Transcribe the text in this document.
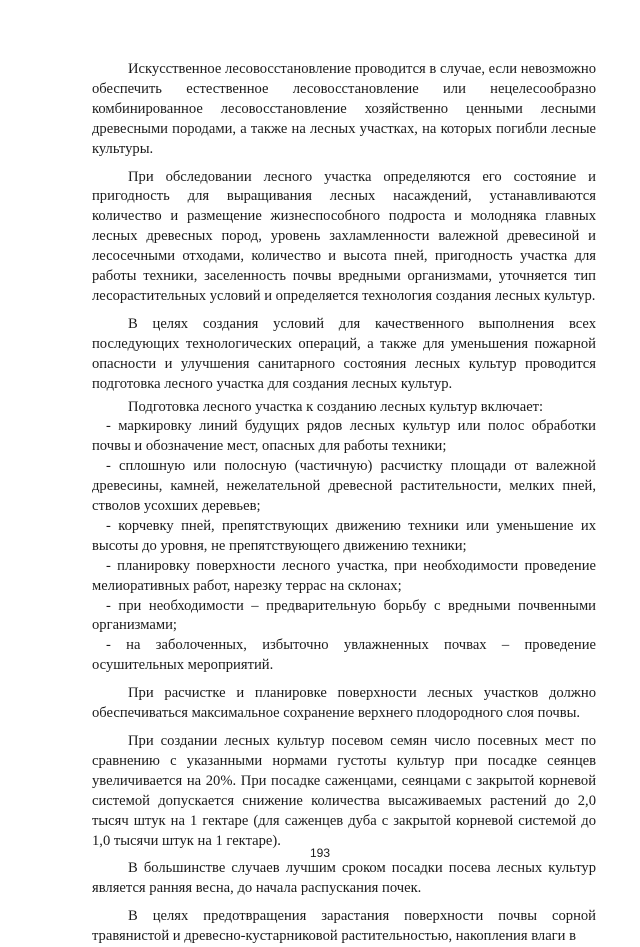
Искусственное лесовосстановление проводится в случае, если невозможно обеспечить естественное лесовосстановление или нецелесообразно комбинированное лесовосстановление хозяйственно ценными лесными древесными породами, а также на лесных участках, на которых погибли лесные культуры.

При обследовании лесного участка определяются его состояние и пригодность для выращивания лесных насаждений, устанавливаются количество и размещение жизнеспособного подроста и молодняка главных лесных древесных пород, уровень захламленности валежной древесиной и лесосечными отходами, количество и высота пней, пригодность участка для работы техники, заселенность почвы вредными организмами, уточняется тип лесорастительных условий и определяется технология создания лесных культур.

В целях создания условий для качественного выполнения всех последующих технологических операций, а также для уменьшения пожарной опасности и улучшения санитарного состояния лесных культур проводится подготовка лесного участка для создания лесных культур.

Подготовка лесного участка к созданию лесных культур включает:

- маркировку линий будущих рядов лесных культур или полос обработки почвы и обозначение мест, опасных для работы техники;

- сплошную или полосную (частичную) расчистку площади от валежной древесины, камней, нежелательной древесной растительности, мелких пней, стволов усохших деревьев;

- корчевку пней, препятствующих движению техники или уменьшение их высоты до уровня, не препятствующего движению техники;

- планировку поверхности лесного участка, при необходимости проведение мелиоративных работ, нарезку террас на склонах;

- при необходимости – предварительную борьбу с вредными почвенными организмами;

- на заболоченных, избыточно увлажненных почвах – проведение осушительных мероприятий.

При расчистке и планировке поверхности лесных участков должно обеспечиваться максимальное сохранение верхнего плодородного слоя почвы.

При создании лесных культур посевом семян число посевных мест по сравнению с указанными нормами густоты культур при посадке сеянцев увеличивается на 20%. При посадке саженцами, сеянцами с закрытой корневой системой допускается снижение количества высаживаемых растений до 2,0 тысяч штук на 1 гектаре (для саженцев дуба с закрытой корневой системой до 1,0 тысячи штук на 1 гектаре).

В большинстве случаев лучшим сроком посадки посева лесных культур является ранняя весна, до начала распускания почек.

В целях предотвращения зарастания поверхности почвы сорной травянистой и древесно-кустарниковой растительностью, накопления влаги в

193
